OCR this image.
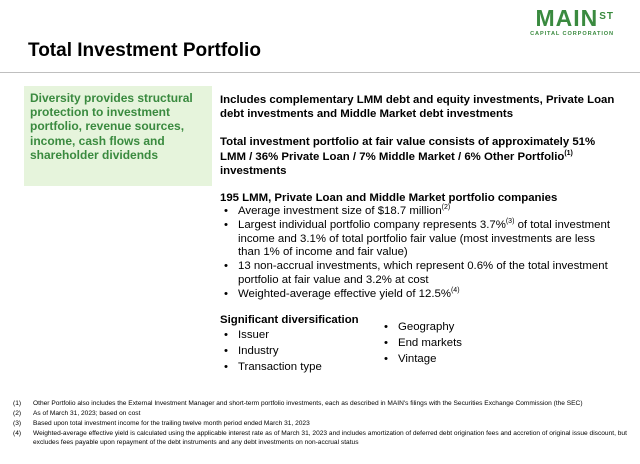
$MAIN^{ST}$
CAPITAL CORPORATION
Total Investment Portfolio

Diversity provides structural protection to investment portfolio, revenue sources, income, cash flows and shareholder dividends

Includes complementary LMM debt and equity investments, Private Loan debt investments and Middle Market debt investments

Total investment portfolio at fair value consists of approximately 51% LMM / 36% Private Loan / 7% Middle Market / 6% Other Portfolio$^{(1)}$ investments

195 LMM, Private Loan and Middle Market portfolio companies

• Average investment size of $18.7 million$^{(2)}$
• Largest individual portfolio company represents 3.7%$^{(3)}$ of total investment income and 3.1% of total portfolio fair value (most investments are less than 1% of income and fair value)
• 13 non-accrual investments, which represent 0.6% of the total investment portfolio at fair value and 3.2% at cost
• Weighted-average effective yield of 12.5%$^{(4)}$

Significant diversification

• Issuer
• Industry
• Transaction type
• Geography
• End markets
• Vintage
(1) Other Portfolio also includes the External Investment Manager and short-term portfolio investments, each as described in MAIN's filings with the Securities Exchange Commission (the SEC)
(2) As of March 31, 2023; based on cost
(3) Based upon total investment income for the trailing twelve month period ended March 31, 2023
(4) Weighted-average effective yield is calculated using the applicable interest rate as of March 31, 2023 and includes amortization of deferred debt origination fees and accretion of original issue discount, but excludes fees payable upon repayment of the debt instruments and any debt investments on non-accrual status
